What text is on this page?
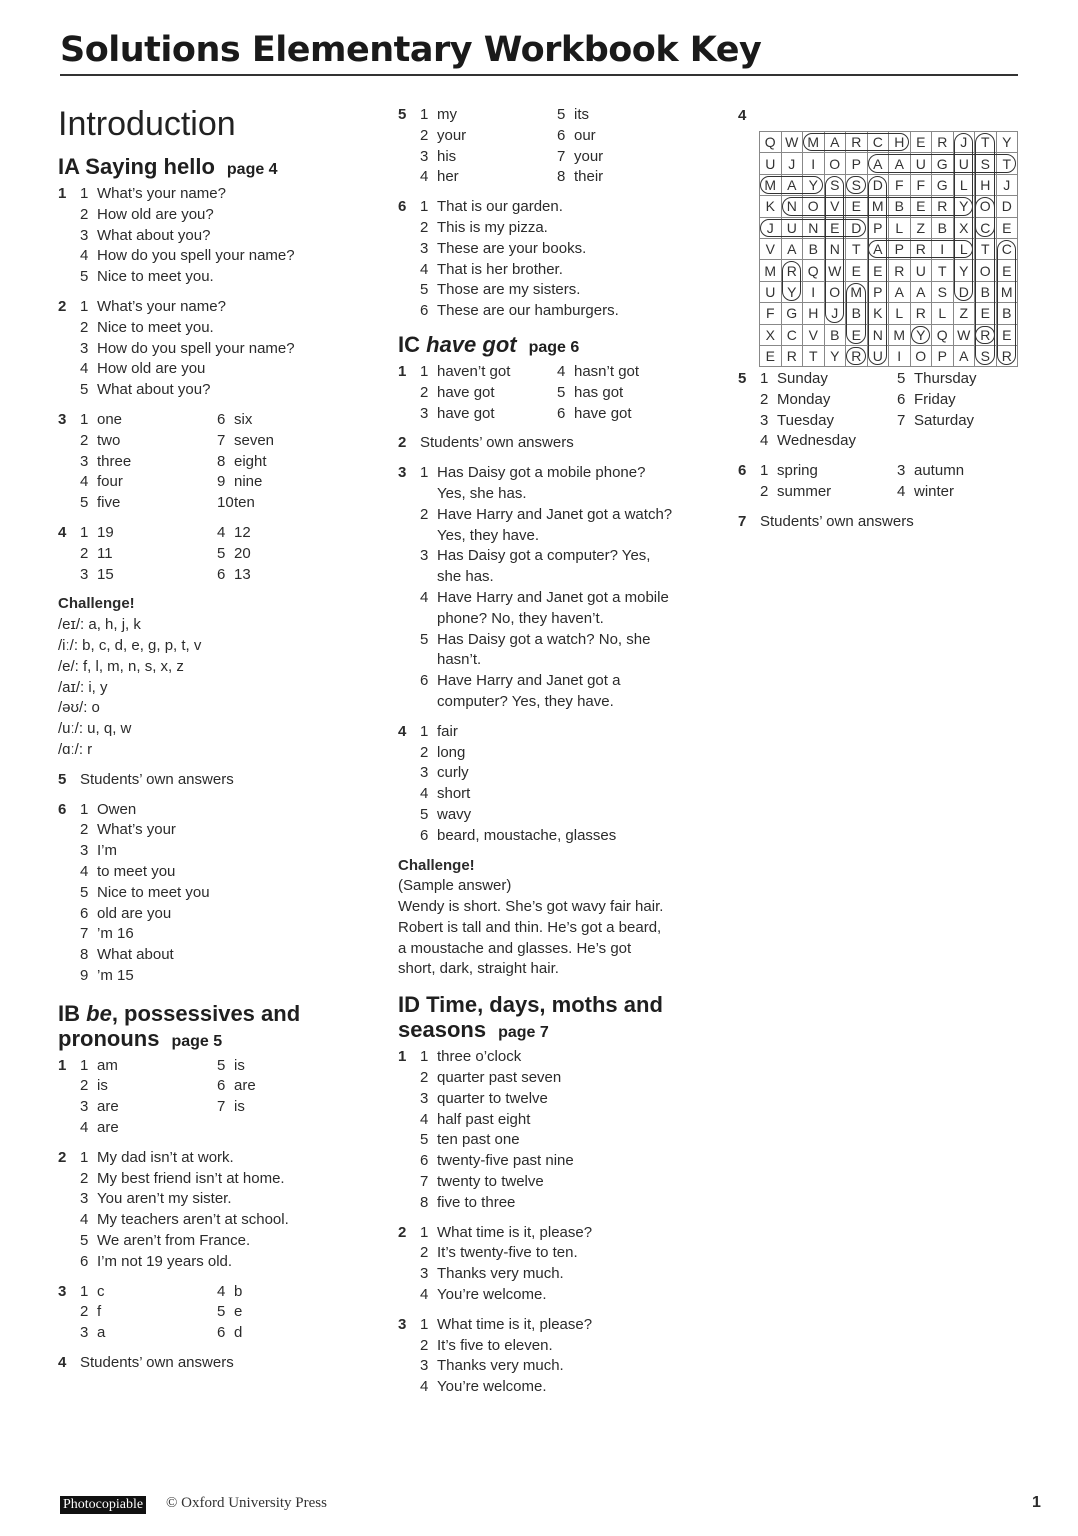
Solutions Elementary Workbook Key
Introduction
IA Saying hello page 4
1 1 What’s your name?
2 How old are you?
3 What about you?
4 How do you spell your name?
5 Nice to meet you.
2 1 What’s your name?
2 Nice to meet you.
3 How do you spell your name?
4 How old are you
5 What about you?
3 1 one
2 two
3 three
4 four
5 five
6 six
7 seven
8 eight
9 nine
10 ten
4 1 19
2 11
3 15
4 12
5 20
6 13
Challenge!
/eɪ/: a, h, j, k
/iː/: b, c, d, e, g, p, t, v
/e/: f, l, m, n, s, x, z
/aɪ/: i, y
/əʊ/: o
/uː/: u, q, w
/ɑː/: r
5 Students’ own answers
6 1 Owen
2 What’s your
3 I’m
4 to meet you
5 Nice to meet you
6 old are you
7 ’m 16
8 What about
9 ’m 15
IB be, possessives and
pronouns page 5
1 1 am
2 is
3 are
4 are
5 is
6 are
7 is
2 1 My dad isn’t at work.
2 My best friend isn’t at home.
3 You aren’t my sister.
4 My teachers aren’t at school.
5 We aren’t from France.
6 I’m not 19 years old.
3 1 c
2 f
3 a
4 b
5 e
6 d
4 Students’ own answers
5 1 my
2 your
3 his
4 her
5 its
6 our
7 your
8 their
6 1 That is our garden.
2 This is my pizza.
3 These are your books.
4 That is her brother.
5 Those are my sisters.
6 These are our hamburgers.
IC have got page 6
1 1 haven’t got
2 have got
3 have got
4 hasn’t got
5 has got
6 have got
2 Students’ own answers
3 1 Has Daisy got a mobile phone?
Yes, she has.
2 Have Harry and Janet got a watch?
Yes, they have.
3 Has Daisy got a computer? Yes,
she has.
4 Have Harry and Janet got a mobile
phone? No, they haven’t.
5 Has Daisy got a watch? No, she
hasn’t.
6 Have Harry and Janet got a
computer? Yes, they have.
4 1 fair
2 long
3 curly
4 short
5 wavy
6 beard, moustache, glasses
Challenge!
(Sample answer)
Wendy is short. She’s got wavy fair hair.
Robert is tall and thin. He’s got a beard,
a moustache and glasses. He’s got
short, dark, straight hair.
ID Time, days, moths and
seasons page 7
1 1 three o’clock
2 quarter past seven
3 quarter to twelve
4 half past eight
5 ten past one
6 twenty-five past nine
7 twenty to twelve
8 five to three
2 1 What time is it, please?
2 It’s twenty-five to ten.
3 Thanks very much.
4 You’re welcome.
3 1 What time is it, please?
2 It’s five to eleven.
3 Thanks very much.
4 You’re welcome.
4
Q	W	M	A	R	C	H	E	R	J	T	Y
U	J	I	O	P	A	A	U	G	U	S	T
M	A	Y	S	S	D	F	F	G	L	H	J
K	N	O	V	E	M	B	E	R	Y	O	D
J	U	N	E	D	P	L	Z	B	X	C	E
V	A	B	N	T	A	P	R	I	L	T	C
M	R	Q	W	E	E	R	U	T	Y	O	E
U	Y	I	O	M	P	A	A	S	D	B	M
F	G	H	J	B	K	L	R	L	Z	E	B
X	C	V	B	E	N	M	Y	Q	W	R	E
E	R	T	Y	R	U	I	O	P	A	S	R
5 1 Sunday
2 Monday
3 Tuesday
4 Wednesday
5 Thursday
6 Friday
7 Saturday
6 1 spring
2 summer
3 autumn
4 winter
7 Students’ own answers
Photocopiable © Oxford University Press	1
